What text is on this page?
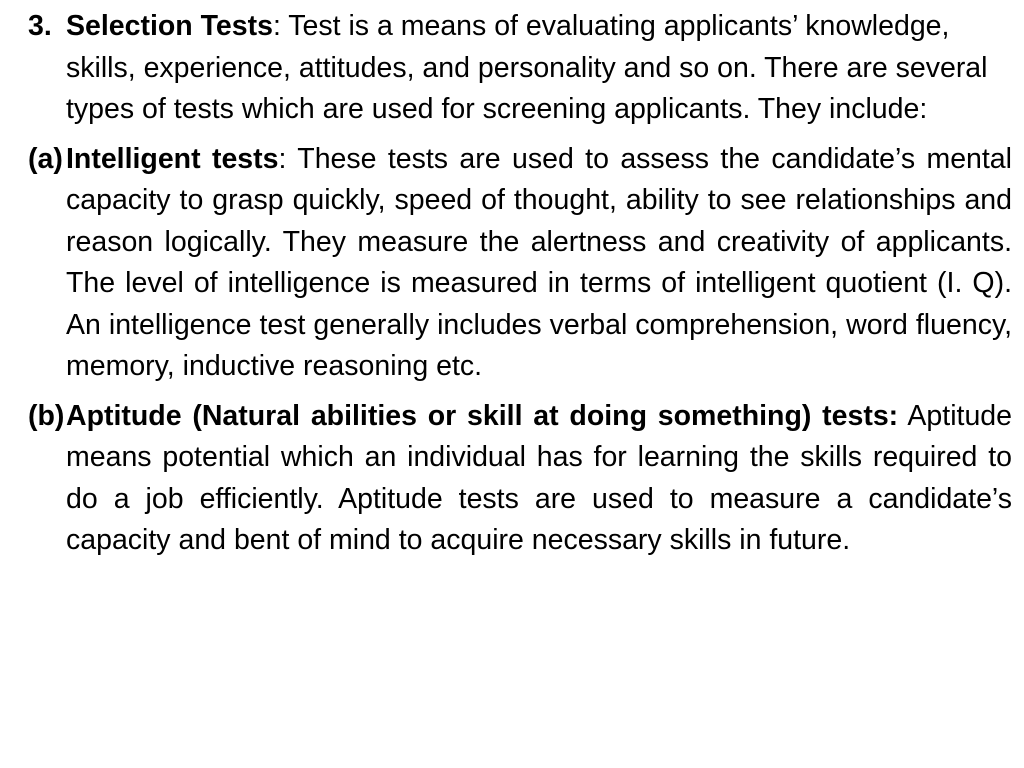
3. Selection Tests: Test is a means of evaluating applicants’ knowledge, skills, experience, attitudes, and personality and so on. There are several types of tests which are used for screening applicants. They include:

(a) Intelligent tests: These tests are used to assess the candidate’s mental capacity to grasp quickly, speed of thought, ability to see relationships and reason logically. They measure the alertness and creativity of applicants. The level of intelligence is measured in terms of intelligent quotient (I. Q). An intelligence test generally includes verbal comprehension, word fluency, memory, inductive reasoning etc.

(b) Aptitude (Natural abilities or skill at doing something) tests: Aptitude means potential which an individual has for learning the skills required to do a job efficiently. Aptitude tests are used to measure a candidate’s capacity and bent of mind to acquire necessary skills in future.
